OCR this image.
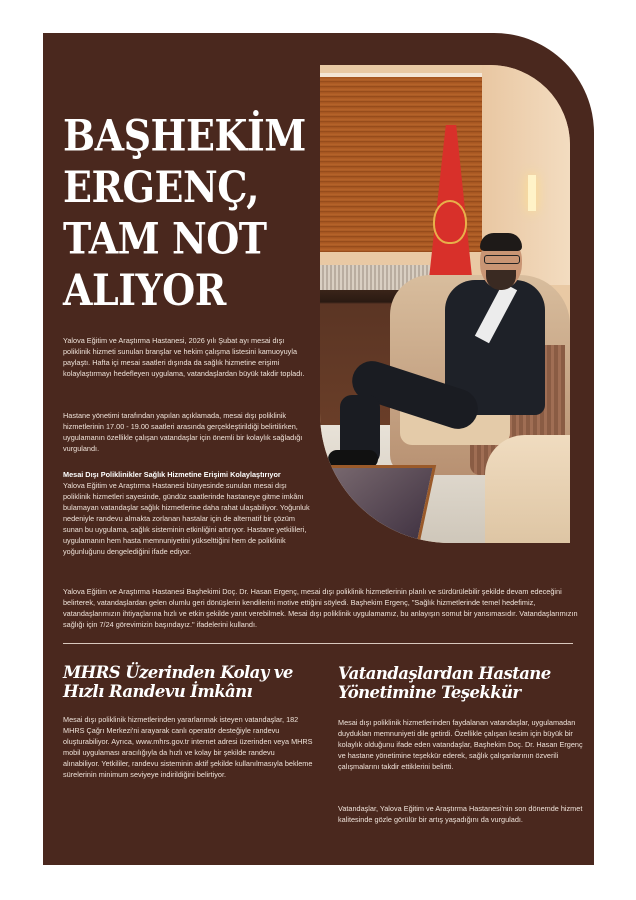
BAŞHEKİM ERGENÇ, TAM NOT ALIYOR

Yalova Eğitim ve Araştırma Hastanesi, 2026 yılı Şubat ayı mesai dışı poliklinik hizmeti sunulan branşlar ve hekim çalışma listesini kamuoyuyla paylaştı. Hafta içi mesai saatleri dışında da sağlık hizmetine erişimi kolaylaştırmayı hedefleyen uygulama, vatandaşlardan büyük takdir topladı.

Hastane yönetimi tarafından yapılan açıklamada, mesai dışı poliklinik hizmetlerinin 17.00 - 19.00 saatleri arasında gerçekleştirildiği belirtilirken, uygulamanın özellikle çalışan vatandaşlar için önemli bir kolaylık sağladığı vurgulandı.

Mesai Dışı Poliklinikler Sağlık Hizmetine Erişimi Kolaylaştırıyor

Yalova Eğitim ve Araştırma Hastanesi bünyesinde sunulan mesai dışı poliklinik hizmetleri sayesinde, gündüz saatlerinde hastaneye gitme imkânı bulamayan vatandaşlar sağlık hizmetlerine daha rahat ulaşabiliyor. Yoğunluk nedeniyle randevu almakta zorlanan hastalar için de alternatif bir çözüm sunan bu uygulama, sağlık sisteminin etkinliğini artırıyor. Hastane yetkilileri, uygulamanın hem hasta memnuniyetini yükselttiğini hem de poliklinik yoğunluğunu dengelediğini ifade ediyor.

Yalova Eğitim ve Araştırma Hastanesi Başhekimi Doç. Dr. Hasan Ergenç, mesai dışı poliklinik hizmetlerinin planlı ve sürdürülebilir şekilde devam edeceğini belirterek, vatandaşlardan gelen olumlu geri dönüşlerin kendilerini motive ettiğini söyledi. Başhekim Ergenç, "Sağlık hizmetlerinde temel hedefimiz, vatandaşlarımızın ihtiyaçlarına hızlı ve etkin şekilde yanıt verebilmek. Mesai dışı poliklinik uygulamamız, bu anlayışın somut bir yansımasıdır. Vatandaşlarımızın sağlığı için 7/24 görevimizin başındayız." ifadelerini kullandı.

MHRS Üzerinden Kolay ve Hızlı Randevu İmkânı

Mesai dışı poliklinik hizmetlerinden yararlanmak isteyen vatandaşlar, 182 MHRS Çağrı Merkezi'ni arayarak canlı operatör desteğiyle randevu oluşturabiliyor. Ayrıca, www.mhrs.gov.tr internet adresi üzerinden veya MHRS mobil uygulaması aracılığıyla da hızlı ve kolay bir şekilde randevu alınabiliyor. Yetkililer, randevu sisteminin aktif şekilde kullanılmasıyla bekleme sürelerinin minimum seviyeye indirildiğini belirtiyor.

Vatandaşlardan Hastane Yönetimine Teşekkür

Mesai dışı poliklinik hizmetlerinden faydalanan vatandaşlar, uygulamadan duydukları memnuniyeti dile getirdi. Özellikle çalışan kesim için büyük bir kolaylık olduğunu ifade eden vatandaşlar, Başhekim Doç. Dr. Hasan Ergenç ve hastane yönetimine teşekkür ederek, sağlık çalışanlarının özverili çalışmalarını takdir ettiklerini belirtti.

Vatandaşlar, Yalova Eğitim ve Araştırma Hastanesi'nin son dönemde hizmet kalitesinde gözle görülür bir artış yaşadığını da vurguladı.
